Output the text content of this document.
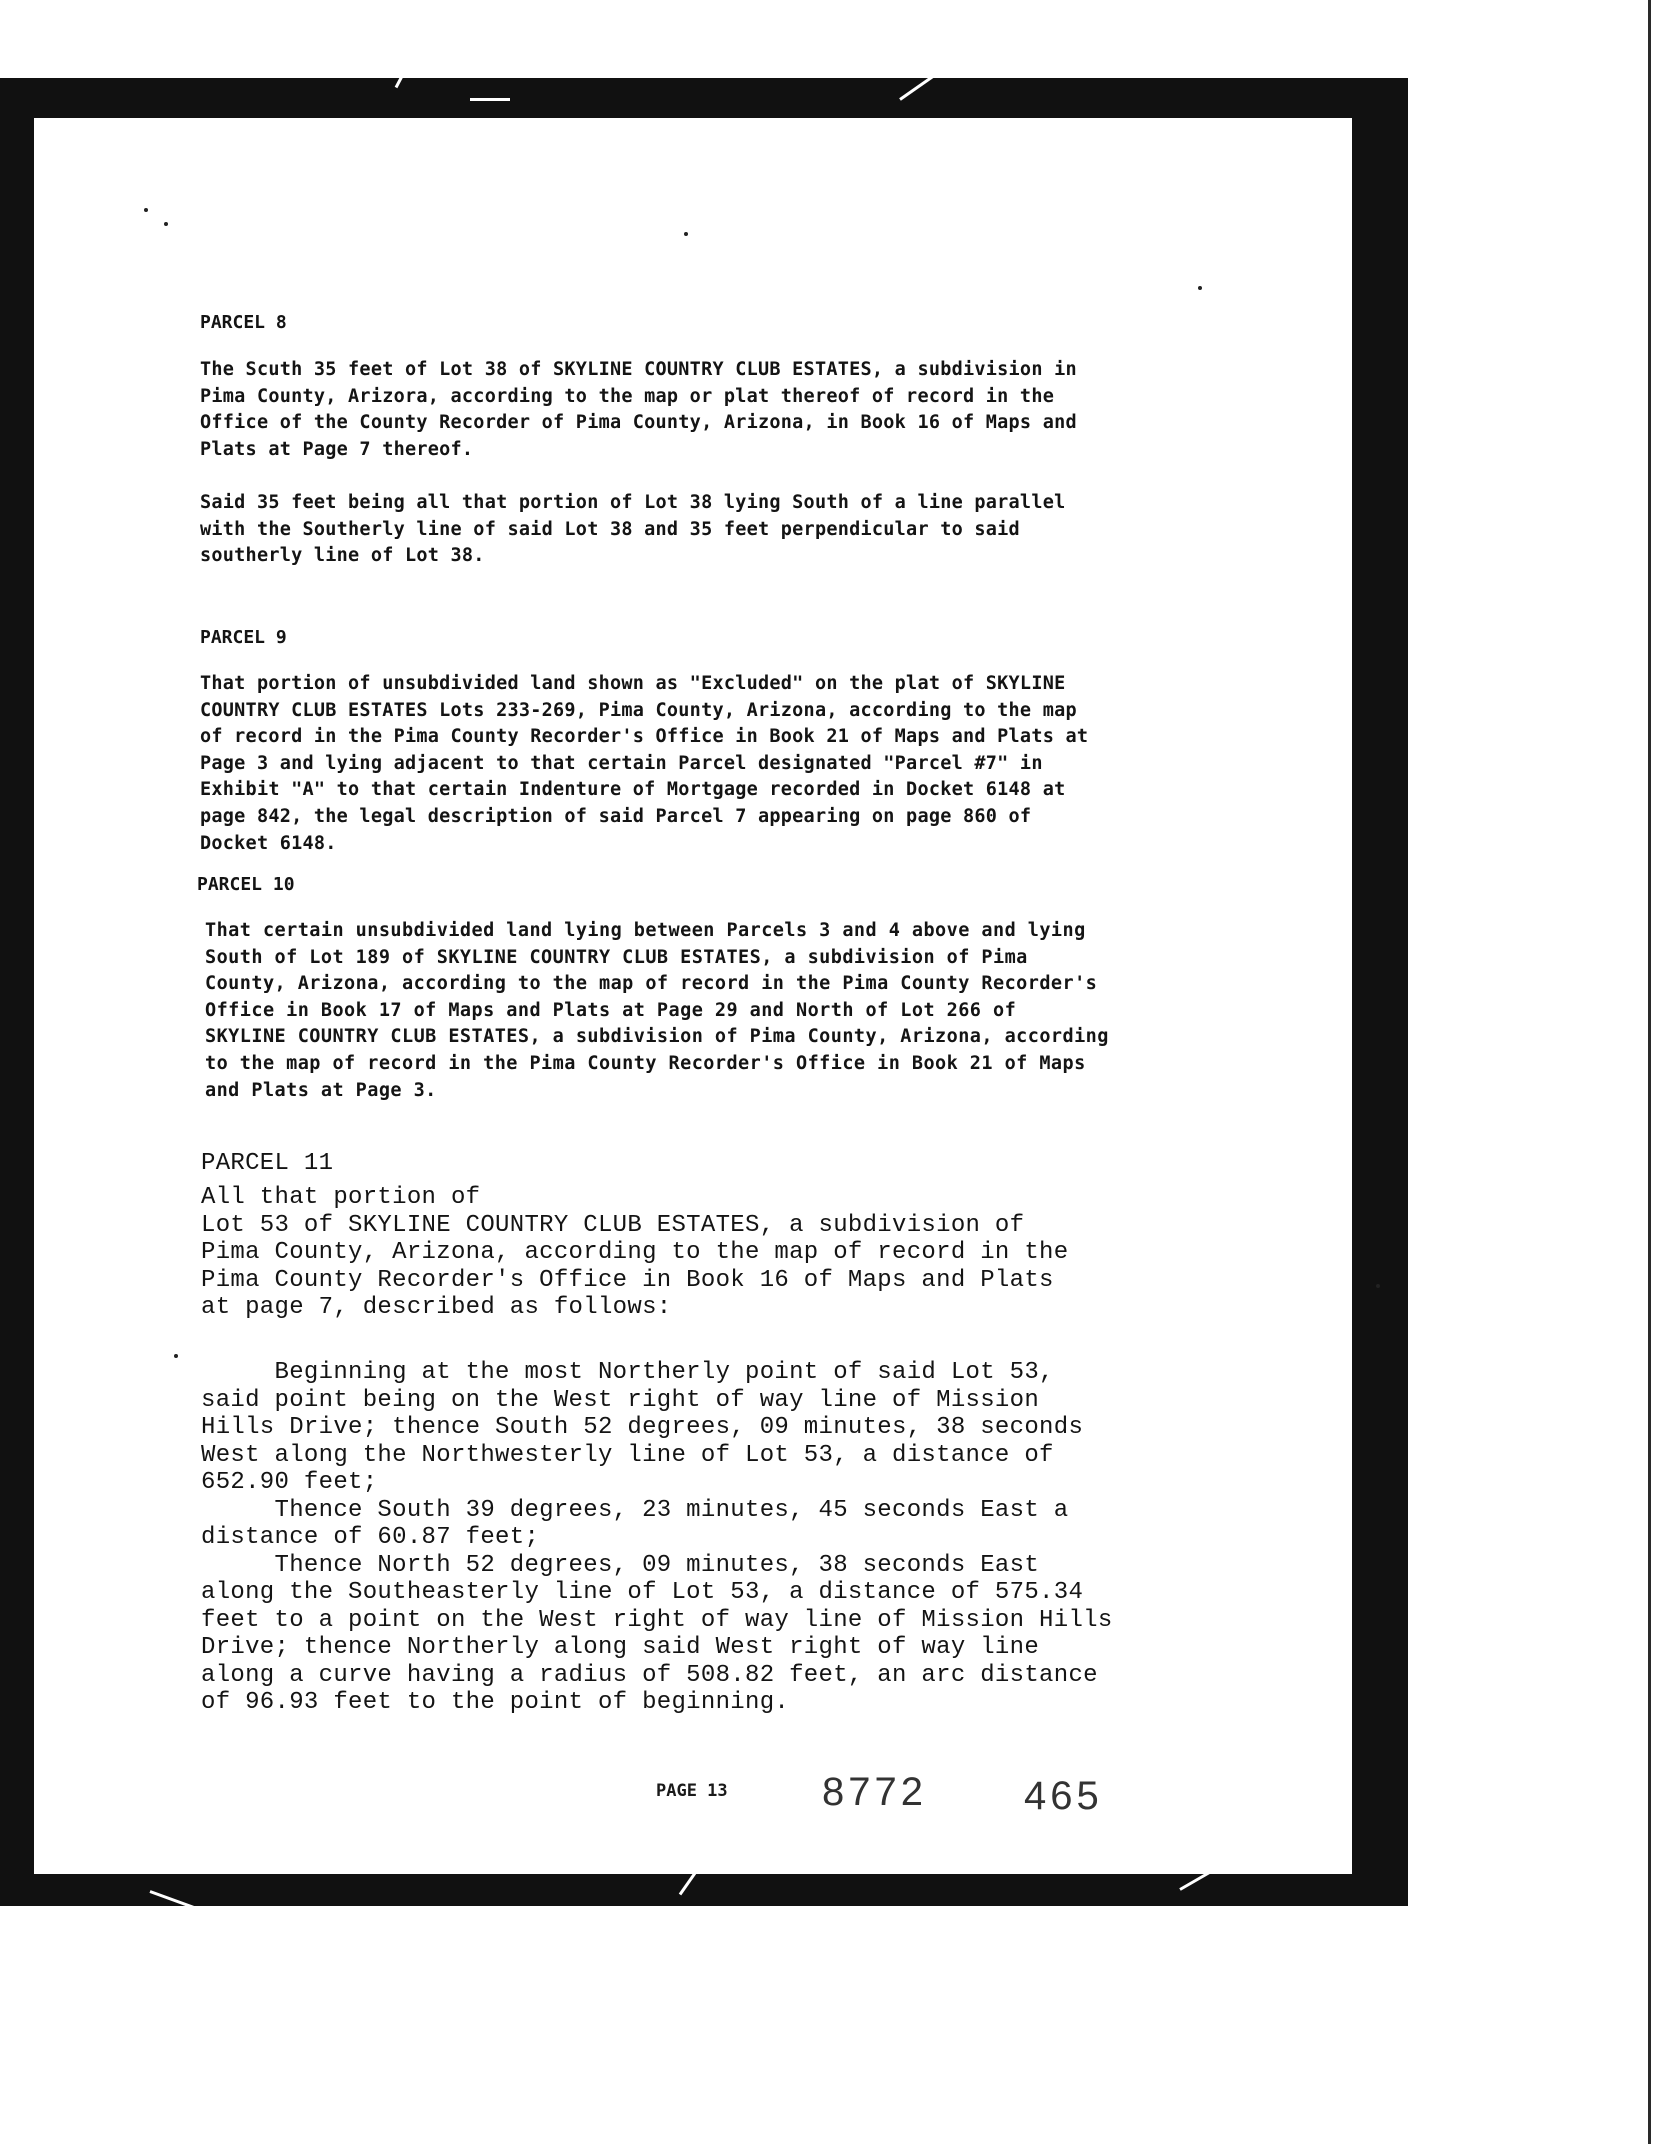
PARCEL 8
The Scuth 35 feet of Lot 38 of SKYLINE COUNTRY CLUB ESTATES, a subdivision in
Pima County, Arizora, according to the map or plat thereof of record in the
Office of the County Recorder of Pima County, Arizona, in Book 16 of Maps and
Plats at Page 7 thereof.
Said 35 feet being all that portion of Lot 38 lying South of a line parallel
with the Southerly line of said Lot 38 and 35 feet perpendicular to said
southerly line of Lot 38.
PARCEL 9
That portion of unsubdivided land shown as "Excluded" on the plat of SKYLINE
COUNTRY CLUB ESTATES Lots 233-269, Pima County, Arizona, according to the map
of record in the Pima County Recorder's Office in Book 21 of Maps and Plats at
Page 3 and lying adjacent to that certain Parcel designated "Parcel #7" in
Exhibit "A" to that certain Indenture of Mortgage recorded in Docket 6148 at
page 842, the legal description of said Parcel 7 appearing on page 860 of
Docket 6148.
PARCEL 10
That certain unsubdivided land lying between Parcels 3 and 4 above and lying
South of Lot 189 of SKYLINE COUNTRY CLUB ESTATES, a subdivision of Pima
County, Arizona, according to the map of record in the Pima County Recorder's
Office in Book 17 of Maps and Plats at Page 29 and North of Lot 266 of
SKYLINE COUNTRY CLUB ESTATES, a subdivision of Pima County, Arizona, according
to the map of record in the Pima County Recorder's Office in Book 21 of Maps
and Plats at Page 3.
PARCEL 11
All that portion of
Lot 53 of SKYLINE COUNTRY CLUB ESTATES, a subdivision of
Pima County, Arizona, according to the map of record in the
Pima County Recorder's Office in Book 16 of Maps and Plats
at page 7, described as follows:
Beginning at the most Northerly point of said Lot 53,
said point being on the West right of way line of Mission
Hills Drive; thence South 52 degrees, 09 minutes, 38 seconds
West along the Northwesterly line of Lot 53, a distance of
652.90 feet;
Thence South 39 degrees, 23 minutes, 45 seconds East a
distance of 60.87 feet;
Thence North 52 degrees, 09 minutes, 38 seconds East
along the Southeasterly line of Lot 53, a distance of 575.34
feet to a point on the West right of way line of Mission Hills
Drive; thence Northerly along said West right of way line
along a curve having a radius of 508.82 feet, an arc distance
of 96.93 feet to the point of beginning.
PAGE 13 8772 465
